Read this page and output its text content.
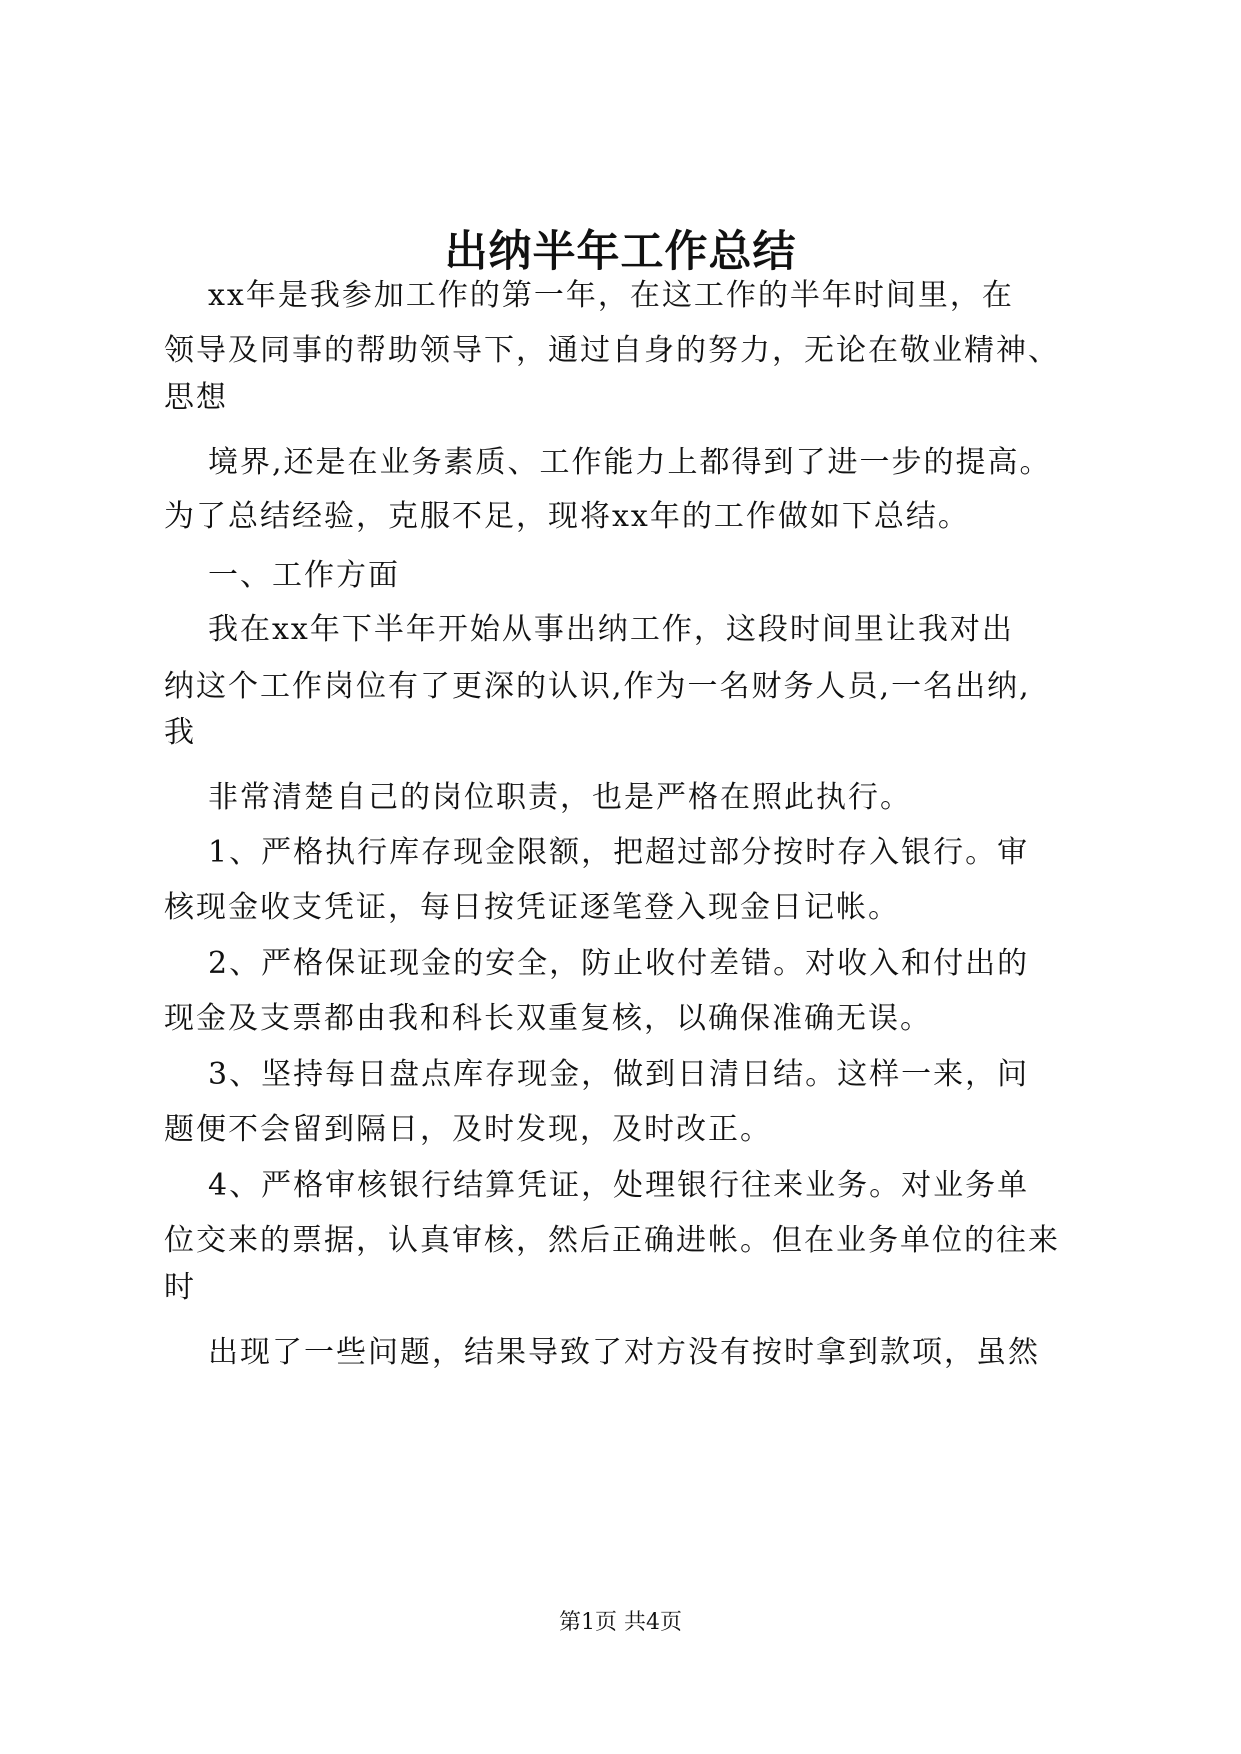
出纳半年工作总结
xx年是我参加工作的第一年，在这工作的半年时间里，在
领导及同事的帮助领导下，通过自身的努力，无论在敬业精神、
思想
境界,还是在业务素质、工作能力上都得到了进一步的提高。
为了总结经验，克服不足，现将xx年的工作做如下总结。
一、工作方面
我在xx年下半年开始从事出纳工作，这段时间里让我对出
纳这个工作岗位有了更深的认识,作为一名财务人员,一名出纳,
我
非常清楚自己的岗位职责，也是严格在照此执行。
1、严格执行库存现金限额，把超过部分按时存入银行。审
核现金收支凭证，每日按凭证逐笔登入现金日记帐。
2、严格保证现金的安全，防止收付差错。对收入和付出的
现金及支票都由我和科长双重复核，以确保准确无误。
3、坚持每日盘点库存现金，做到日清日结。这样一来，问
题便不会留到隔日，及时发现，及时改正。
4、严格审核银行结算凭证，处理银行往来业务。对业务单
位交来的票据，认真审核，然后正确进帐。但在业务单位的往来
时
出现了一些问题，结果导致了对方没有按时拿到款项，虽然
第1页 共4页
